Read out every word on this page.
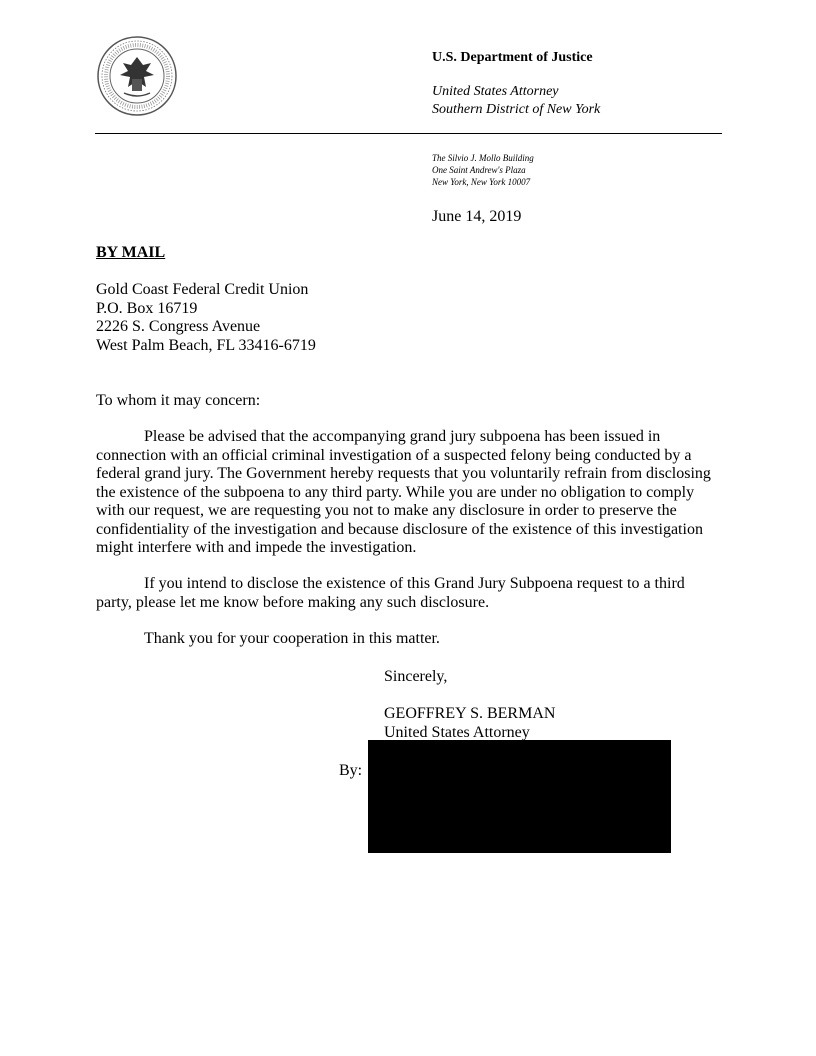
U.S. Department of Justice
United States Attorney
Southern District of New York
The Silvio J. Mollo Building
One Saint Andrew's Plaza
New York, New York 10007
June 14, 2019
BY MAIL
Gold Coast Federal Credit Union
P.O. Box 16719
2226 S. Congress Avenue
West Palm Beach, FL 33416-6719
To whom it may concern:

Please be advised that the accompanying grand jury subpoena has been issued in connection with an official criminal investigation of a suspected felony being conducted by a federal grand jury. The Government hereby requests that you voluntarily refrain from disclosing the existence of the subpoena to any third party. While you are under no obligation to comply with our request, we are requesting you not to make any disclosure in order to preserve the confidentiality of the investigation and because disclosure of the existence of this investigation might interfere with and impede the investigation.

If you intend to disclose the existence of this Grand Jury Subpoena request to a third party, please let me know before making any such disclosure.

Thank you for your cooperation in this matter.

Sincerely,
GEOFFREY S. BERMAN
United States Attorney
By:
